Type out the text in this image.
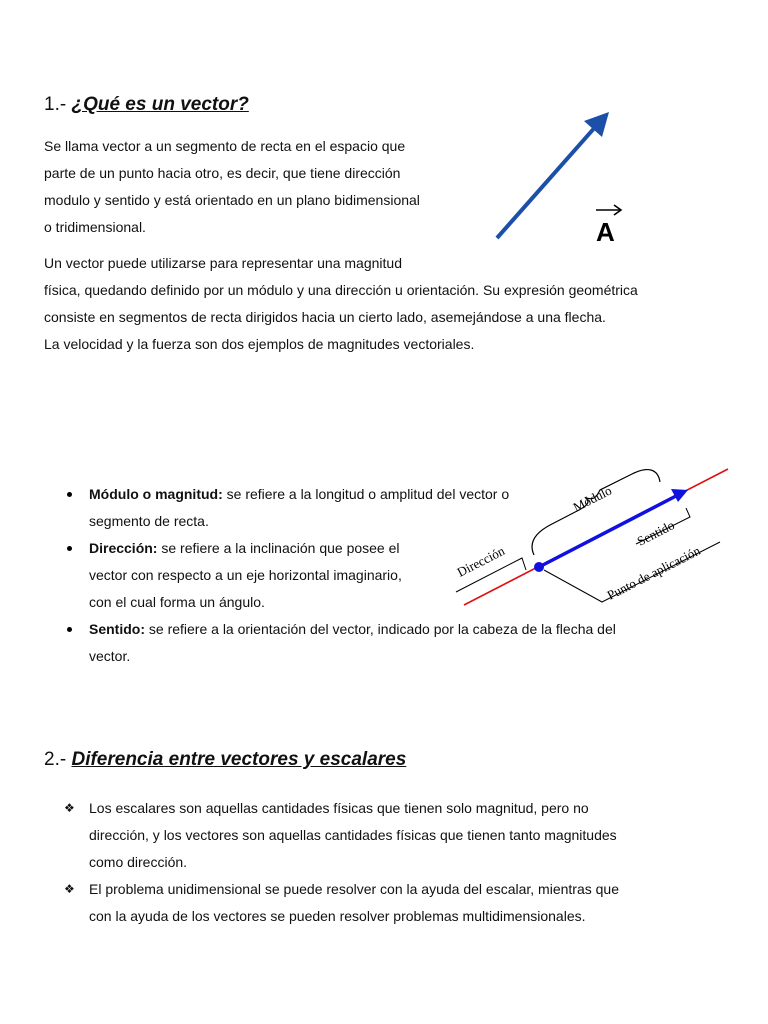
1.- ¿Qué es un vector?
Se llama vector a un segmento de recta en el espacio que
parte de un punto hacia otro, es decir, que tiene dirección
modulo y sentido y está orientado en un plano bidimensional
o tridimensional.	A
Un vector puede utilizarse para representar una magnitud
física, quedando definido por un módulo y una dirección u orientación. Su expresión geométrica
consiste en segmentos de recta dirigidos hacia un cierto lado, asemejándose a una flecha.
La velocidad y la fuerza son dos ejemplos de magnitudes vectoriales.
Módulo
Sentido
Dirección	Punto de aplicación
Módulo o magnitud: se refiere a la longitud o amplitud del vector o
segmento de recta.
Dirección: se refiere a la inclinación que posee el
vector con respecto a un eje horizontal imaginario,
con el cual forma un ángulo.
Sentido: se refiere a la orientación del vector, indicado por la cabeza de la flecha del
vector.
2.- Diferencia entre vectores y escalares
❖ Los escalares son aquellas cantidades físicas que tienen solo magnitud, pero no
dirección, y los vectores son aquellas cantidades físicas que tienen tanto magnitudes
como dirección.
❖ El problema unidimensional se puede resolver con la ayuda del escalar, mientras que
con la ayuda de los vectores se pueden resolver problemas multidimensionales.
